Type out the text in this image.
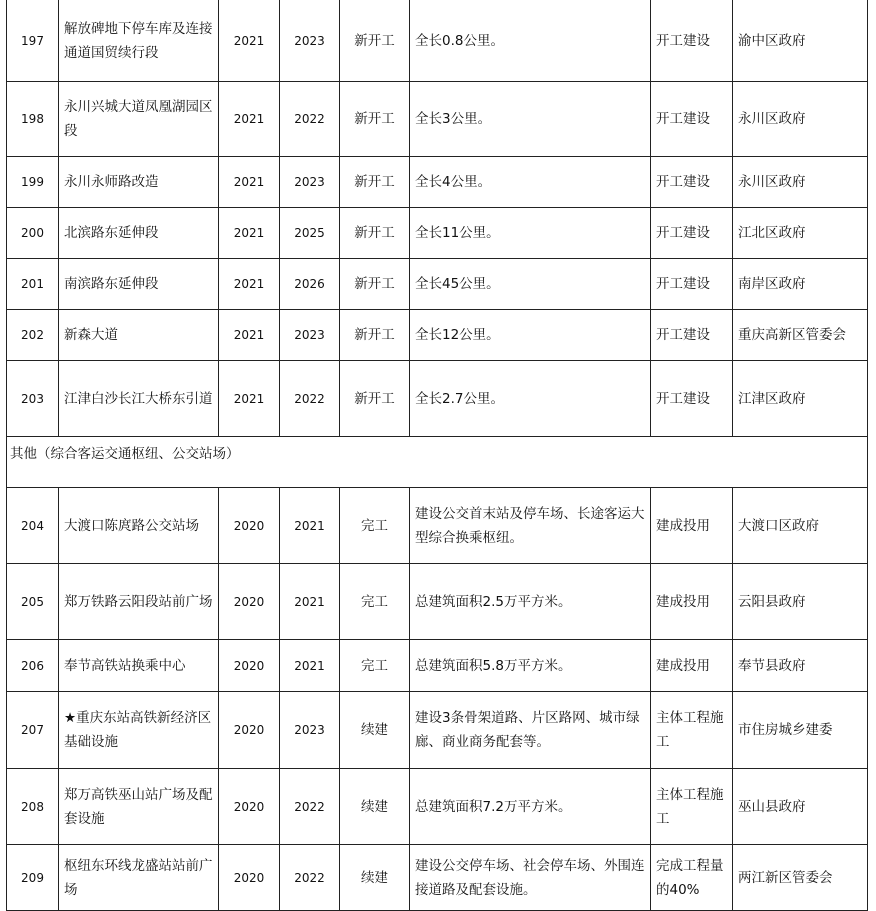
197	解放碑地下停车库及连接通道国贸续行段	2021	2023	新开工	全长0.8公里。	开工建设	渝中区政府
198	永川兴城大道凤凰湖园区段	2021	2022	新开工	全长3公里。	开工建设	永川区政府
199	永川永师路改造	2021	2023	新开工	全长4公里。	开工建设	永川区政府
200	北滨路东延伸段	2021	2025	新开工	全长11公里。	开工建设	江北区政府
201	南滨路东延伸段	2021	2026	新开工	全长45公里。	开工建设	南岸区政府
202	新森大道	2021	2023	新开工	全长12公里。	开工建设	重庆高新区管委会
203	江津白沙长江大桥东引道	2021	2022	新开工	全长2.7公里。	开工建设	江津区政府
其他（综合客运交通枢纽、公交站场）							
204	大渡口陈庹路公交站场	2020	2021	完工	建设公交首末站及停车场、长途客运大型综合换乘枢纽。	建成投用	大渡口区政府
205	郑万铁路云阳段站前广场	2020	2021	完工	总建筑面积2.5万平方米。	建成投用	云阳县政府
206	奉节高铁站换乘中心	2020	2021	完工	总建筑面积5.8万平方米。	建成投用	奉节县政府
207	★重庆东站高铁新经济区基础设施	2020	2023	续建	建设3条骨架道路、片区路网、城市绿廊、商业商务配套等。	主体工程施工	市住房城乡建委
208	郑万高铁巫山站广场及配套设施	2020	2022	续建	总建筑面积7.2万平方米。	主体工程施工	巫山县政府
209	枢纽东环线龙盛站站前广场	2020	2022	续建	建设公交停车场、社会停车场、外围连接道路及配套设施。	完成工程量的40%	两江新区管委会
